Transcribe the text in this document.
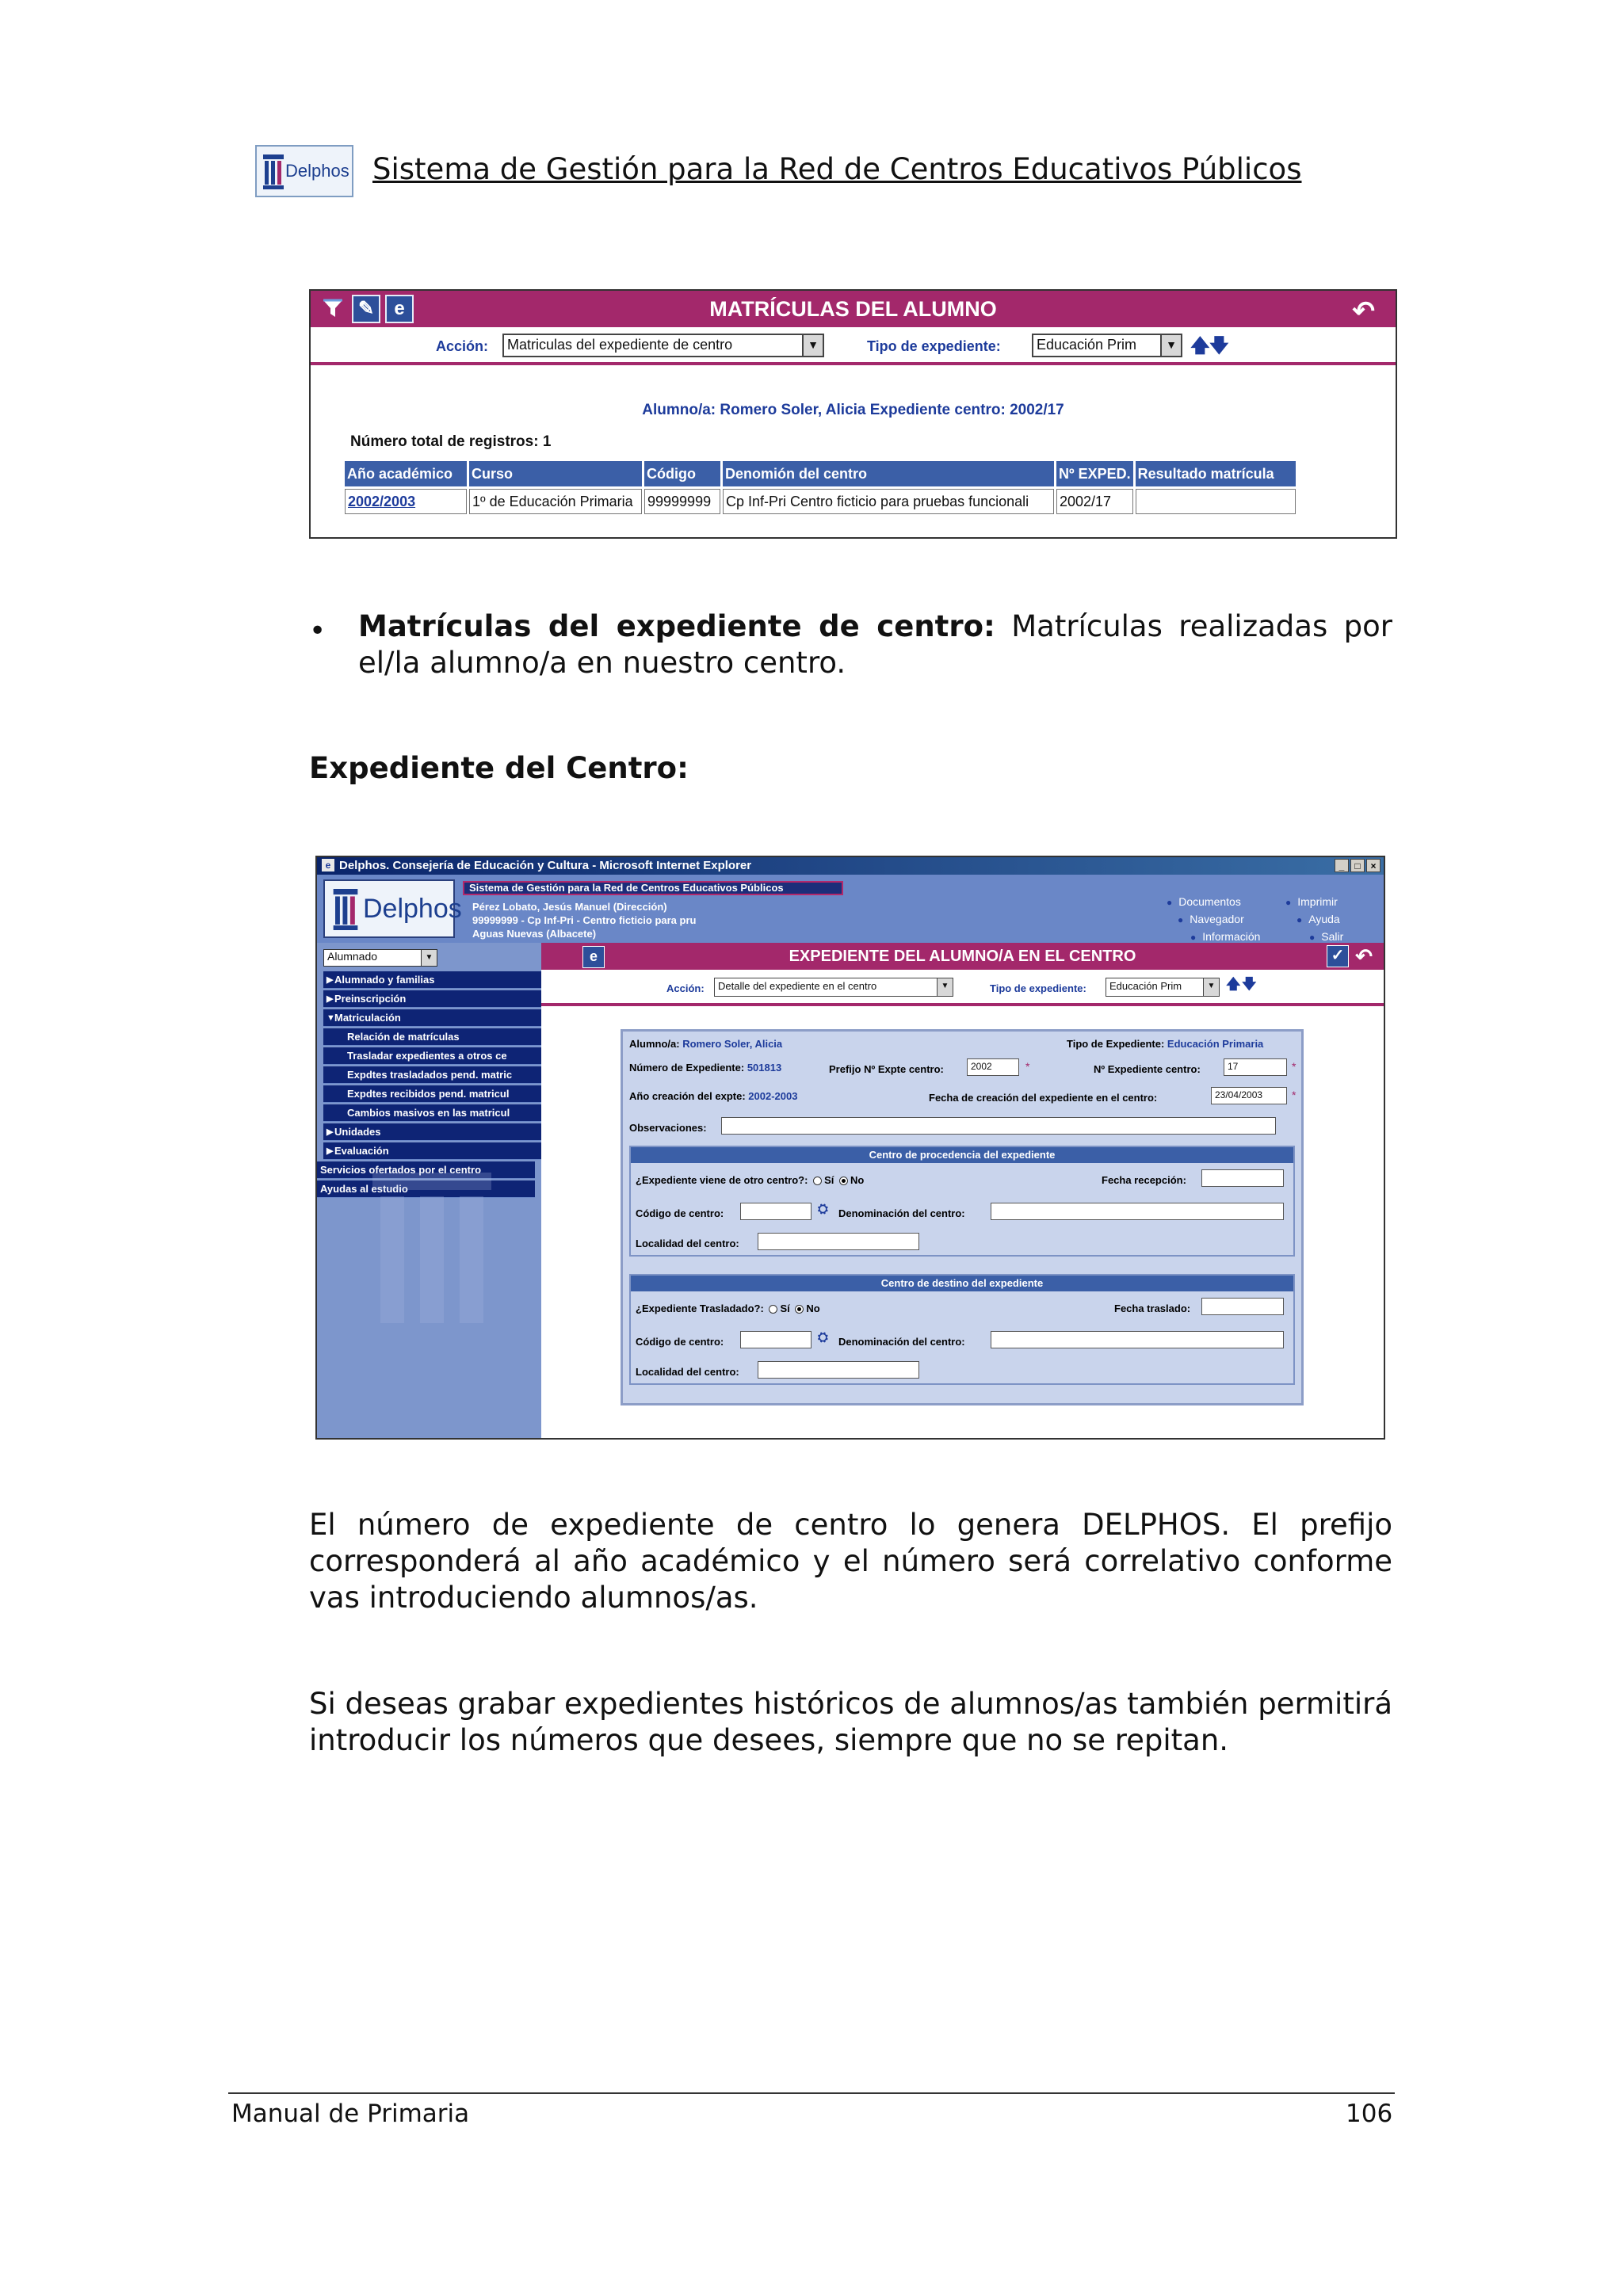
Delphos Sistema de Gestión para la Red de Centros Educativos Públicos
✎	e	MATRÍCULAS DEL ALUMNO	↶
Acción:	Matriculas del expediente de centro	▼	Tipo de expediente:	Educación Prim	▼ 🡅 🡇
Alumno/a: Romero Soler, Alicia Expediente centro: 2002/17
Número total de registros: 1
Año académico	Curso	Código	Denomión del centro	Nº EXPED.	Resultado matrícula
2002/2003	1º de Educación Primaria	99999999	Cp Inf-Pri Centro ficticio para pruebas funcionali	2002/17	
• Matrículas del expediente de centro: Matrículas realizadas por el/la alumno/a en nuestro centro.
Expediente del Centro:
e Delphos. Consejería de Educación y Cultura - Microsoft Internet Explorer	_	□	×
Delphos
Sistema de Gestión para la Red de Centros Educativos Públicos
Pérez Lobato, Jesús Manuel (Dirección)
99999999 - Cp Inf-Pri - Centro ficticio para pru
Aguas Nuevas (Albacete)
● Documentos	● Imprimir
● Navegador	● Ayuda
● Información	● Salir
Alumnado	▼
▶ Alumnado y familias
▶ Preinscripción
▼ Matriculación
Relación de matrículas
Trasladar expedientes a otros ce
Expdtes trasladados pend. matric
Expdtes recibidos pend. matricul
Cambios masivos en las matricul
▶ Unidades
▶ Evaluación
Servicios ofertados por el centro
Ayudas al estudio
e	EXPEDIENTE DEL ALUMNO/A EN EL CENTRO	✓ ↶
Acción:	Detalle del expediente en el centro	▼	Tipo de expediente:	Educación Prim	▼ 🡅 🡇
Alumno/a: Romero Soler, Alicia	Tipo de Expediente: Educación Primaria
Número de Expediente: 501813	Prefijo Nº Expte centro:	2002	*	Nº Expediente centro:	17	*
Año creación del expte: 2002-2003	Fecha de creación del expediente en el centro:	23/04/2003	*
Observaciones:
Centro de procedencia del expediente
¿Expediente viene de otro centro?: Sí No	Fecha recepción:
Código de centro:	⛭ Denominación del centro:
Localidad del centro:
Centro de destino del expediente
¿Expediente Trasladado?: Sí No	Fecha traslado:
Código de centro:	⛭ Denominación del centro:
Localidad del centro:
El número de expediente de centro lo genera DELPHOS. El prefijo corresponderá al año académico y el número será correlativo conforme vas introduciendo alumnos/as.
Si deseas grabar expedientes históricos de alumnos/as también permitirá introducir los números que desees, siempre que no se repitan.
Manual de Primaria	106
